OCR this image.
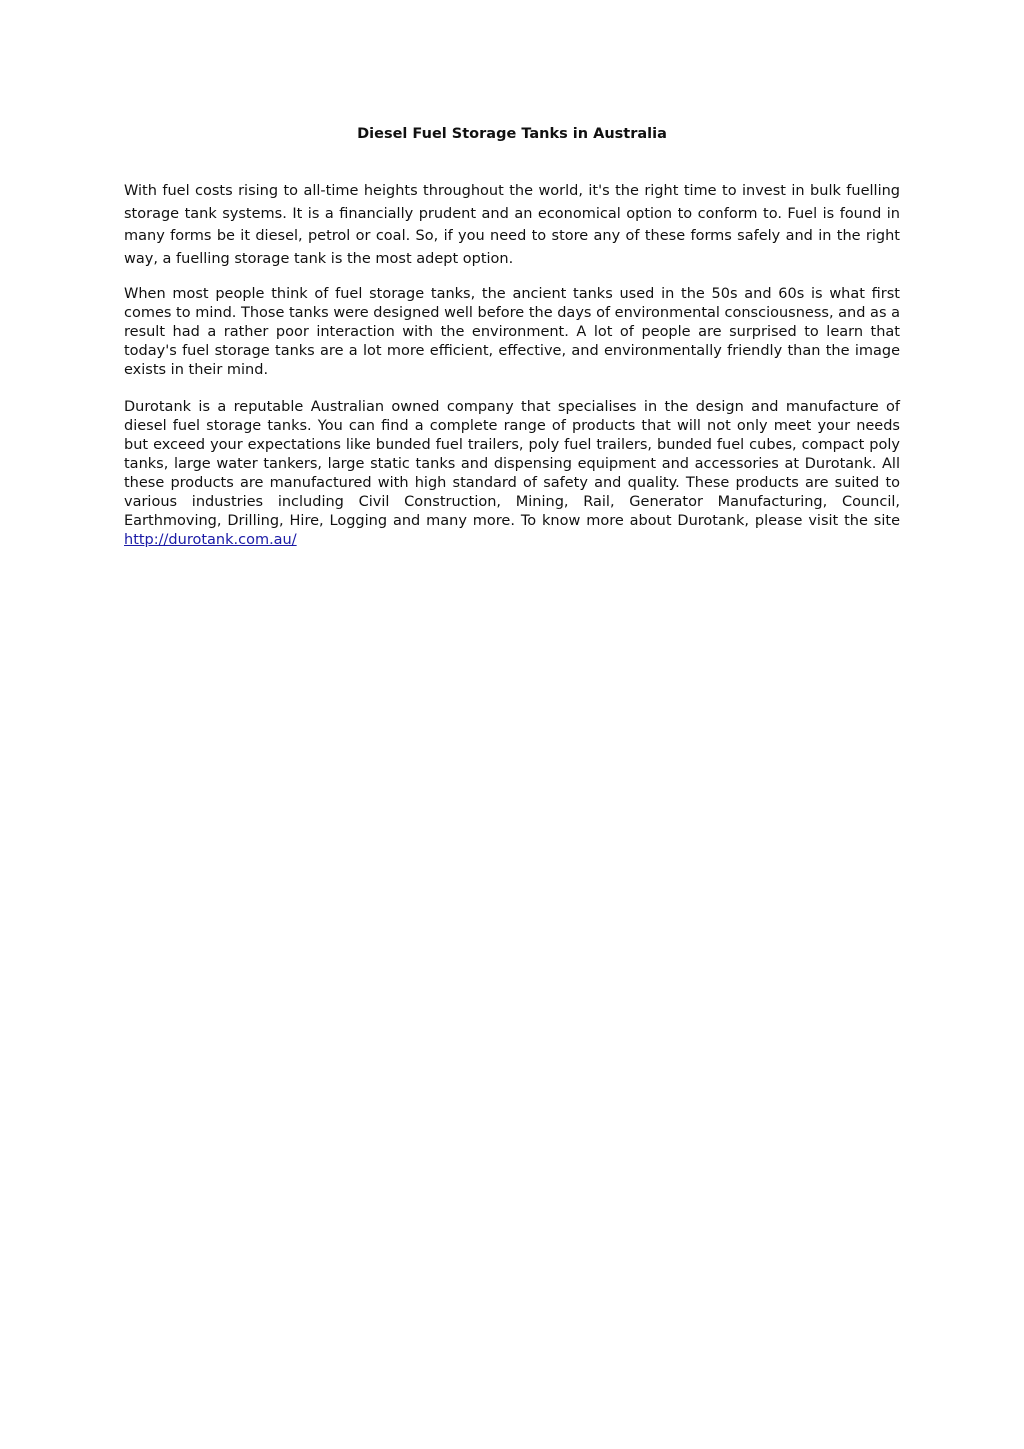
Diesel Fuel Storage Tanks in Australia

With fuel costs rising to all-time heights throughout the world, it's the right time to invest in bulk fuelling storage tank systems. It is a financially prudent and an economical option to conform to. Fuel is found in many forms be it diesel, petrol or coal. So, if you need to store any of these forms safely and in the right way, a fuelling storage tank is the most adept option.

When most people think of fuel storage tanks, the ancient tanks used in the 50s and 60s is what first comes to mind. Those tanks were designed well before the days of environmental consciousness, and as a result had a rather poor interaction with the environment. A lot of people are surprised to learn that today's fuel storage tanks are a lot more efficient, effective, and environmentally friendly than the image exists in their mind.

Durotank is a reputable Australian owned company that specialises in the design and manufacture of diesel fuel storage tanks. You can find a complete range of products that will not only meet your needs but exceed your expectations like bunded fuel trailers, poly fuel trailers, bunded fuel cubes, compact poly tanks, large water tankers, large static tanks and dispensing equipment and accessories at Durotank. All these products are manufactured with high standard of safety and quality. These products are suited to various industries including Civil Construction, Mining, Rail, Generator Manufacturing, Council, Earthmoving, Drilling, Hire, Logging and many more. To know more about Durotank, please visit the site http://durotank.com.au/
